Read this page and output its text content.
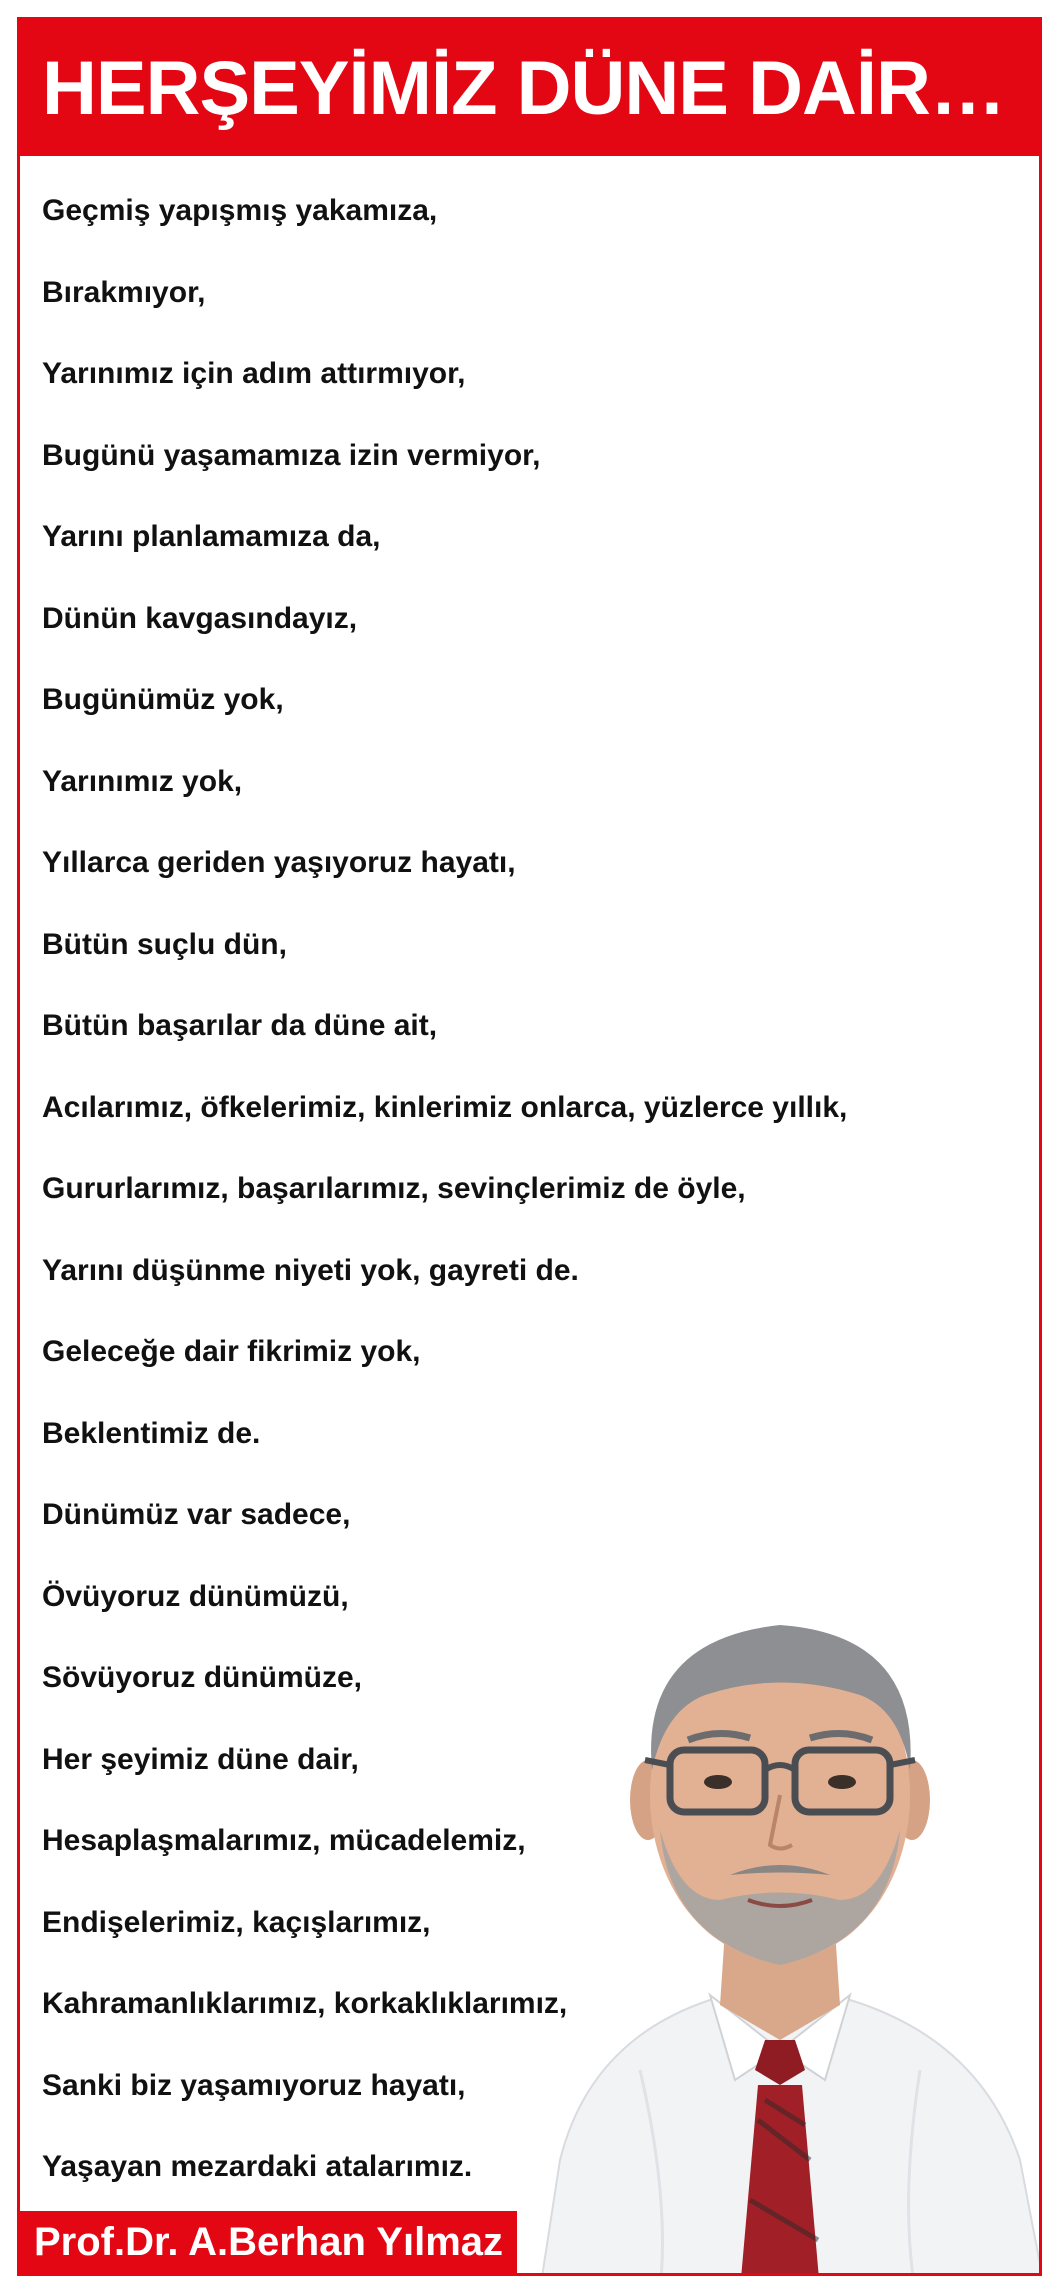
HERŞEYİMİZ DÜNE DAİR…
Geçmiş yapışmış yakamıza,
Bırakmıyor,
Yarınımız için adım attırmıyor,
Bugünü yaşamamıza izin vermiyor,
Yarını planlamamıza da,
Dünün kavgasındayız,
Bugünümüz yok,
Yarınımız yok,
Yıllarca geriden yaşıyoruz hayatı,
Bütün suçlu dün,
Bütün başarılar da düne ait,
Acılarımız, öfkelerimiz, kinlerimiz onlarca, yüzlerce yıllık,
Gururlarımız, başarılarımız, sevinçlerimiz de öyle,
Yarını düşünme niyeti yok, gayreti de.
Geleceğe dair fikrimiz yok,
Beklentimiz de.
Dünümüz var sadece,
Övüyoruz dünümüzü,
Sövüyoruz dünümüze,
Her şeyimiz düne dair,
Hesaplaşmalarımız, mücadelemiz,
Endişelerimiz, kaçışlarımız,
Kahramanlıklarımız, korkaklıklarımız,
Sanki biz yaşamıyoruz hayatı,
Yaşayan mezardaki atalarımız.
Prof.Dr. A.Berhan Yılmaz
